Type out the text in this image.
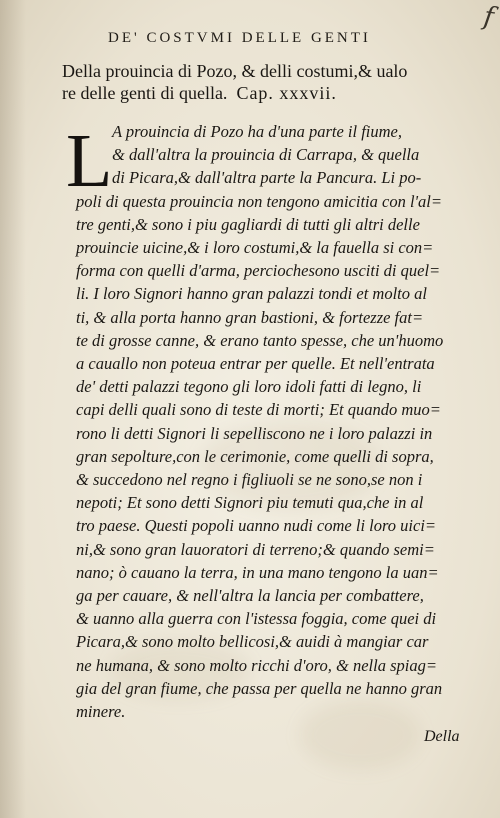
f
DE' COSTVMI DELLE GENTI
Della prouincia di Pozo, & delli costumi,& ualo
re delle genti di quella. Cap. xxxvii.
L A prouincia di Pozo ha d'una parte il fiume,
& dall'altra la prouincia di Carrapa, & quella
di Picara,& dall'altra parte la Pancura. Li po-
poli di questa prouincia non tengono amicitia con l'al=
tre genti,& sono i piu gagliardi di tutti gli altri delle
prouincie uicine,& i loro costumi,& la fauella si con=
forma con quelli d'arma, perciochesono usciti di quel=
li. I loro Signori hanno gran palazzi tondi et molto al
ti, & alla porta hanno gran bastioni, & fortezze fat=
te di grosse canne, & erano tanto spesse, che un'huomo
a cauallo non poteua entrar per quelle. Et nell'entrata
de' detti palazzi tegono gli loro idoli fatti di legno, li
capi delli quali sono di teste di morti; Et quando muo=
rono li detti Signori li sepelliscono ne i loro palazzi in
gran sepolture,con le cerimonie, come quelli di sopra,
& succedono nel regno i figliuoli se ne sono,se non i
nepoti; Et sono detti Signori piu temuti qua,che in al
tro paese. Questi popoli uanno nudi come li loro uici=
ni,& sono gran lauoratori di terreno;& quando semi=
nano; ò cauano la terra, in una mano tengono la uan=
ga per cauare, & nell'altra la lancia per combattere,
& uanno alla guerra con l'istessa foggia, come quei di
Picara,& sono molto bellicosi,& auidi à mangiar car
ne humana, & sono molto ricchi d'oro, & nella spiag=
gia del gran fiume, che passa per quella ne hanno gran
minere.
Della
